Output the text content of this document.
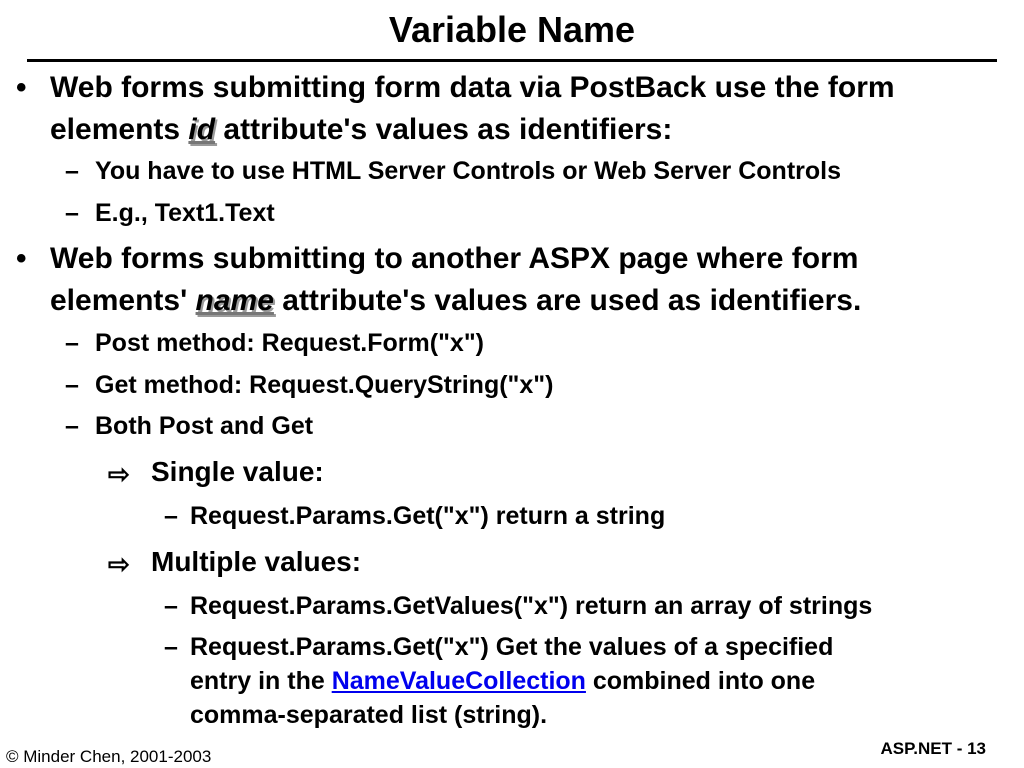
Variable Name
• Web forms submitting form data via PostBack use the form
elements id attribute's values as identifiers:
– You have to use HTML Server Controls or Web Server Controls
– E.g., Text1.Text
• Web forms submitting to another ASPX page where form
elements' name attribute's values are used as identifiers.
– Post method: Request.Form("x")
– Get method: Request.QueryString("x")
– Both Post and Get
⇨ Single value:
– Request.Params.Get("x") return a string
⇨ Multiple values:
– Request.Params.GetValues("x") return an array of strings
– Request.Params.Get("x") Get the values of a specified
entry in the NameValueCollection combined into one
comma-separated list (string).
© Minder Chen, 2001-2003	ASP.NET - 13
